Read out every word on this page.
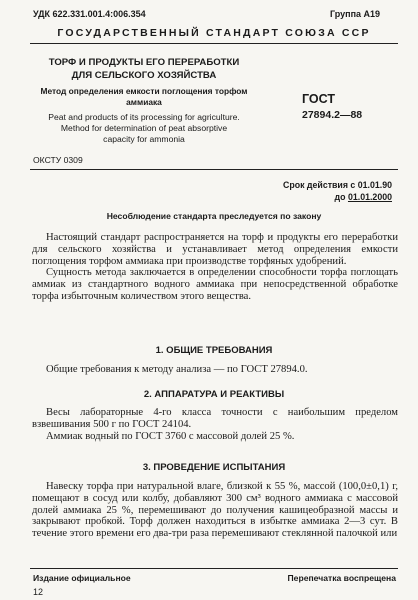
УДК 622.331.001.4:006.354	Группа А19
ГОСУДАРСТВЕННЫЙ СТАНДАРТ СОЮЗА ССР
ТОРФ И ПРОДУКТЫ ЕГО ПЕРЕРАБОТКИ
ДЛЯ СЕЛЬСКОГО ХОЗЯЙСТВА
Метод определения емкости поглощения торфом
аммиака
Peat and products of its processing for agriculture.
Method for determination of peat absorptive
capacity for ammonia
ГОСТ
27894.2—88
ОКСТУ 0309
Срок действия с 01.01.90
до 01.01.2000
Несоблюдение стандарта преследуется по закону

Настоящий стандарт распространяется на торф и продукты его переработки для сельского хозяйства и устанавливает метод определения емкости поглощения торфом аммиака при производстве торфяных удобрений.

Сущность метода заключается в определении способности торфа поглощать аммиак из стандартного водного аммиака при непосредственной обработке торфа избыточным количеством этого вещества.

1. ОБЩИЕ ТРЕБОВАНИЯ

Общие требования к методу анализа — по ГОСТ 27894.0.

2. АППАРАТУРА И РЕАКТИВЫ

Весы лабораторные 4-го класса точности с наибольшим пределом взвешивания 500 г по ГОСТ 24104.

Аммиак водный по ГОСТ 3760 с массовой долей 25 %.

3. ПРОВЕДЕНИЕ ИСПЫТАНИЯ

Навеску торфа при натуральной влаге, близкой к 55 %, массой (100,0±0,1) г, помещают в сосуд или колбу, добавляют 300 см³ водного аммиака с массовой долей аммиака 25 %, перемешивают до получения кашицеобразной массы и закрывают пробкой. Торф должен находиться в избытке аммиака 2—3 сут. В течение этого времени его два-три раза перемешивают стеклянной палочкой или

Издание официальное	Перепечатка воспрещена
12
